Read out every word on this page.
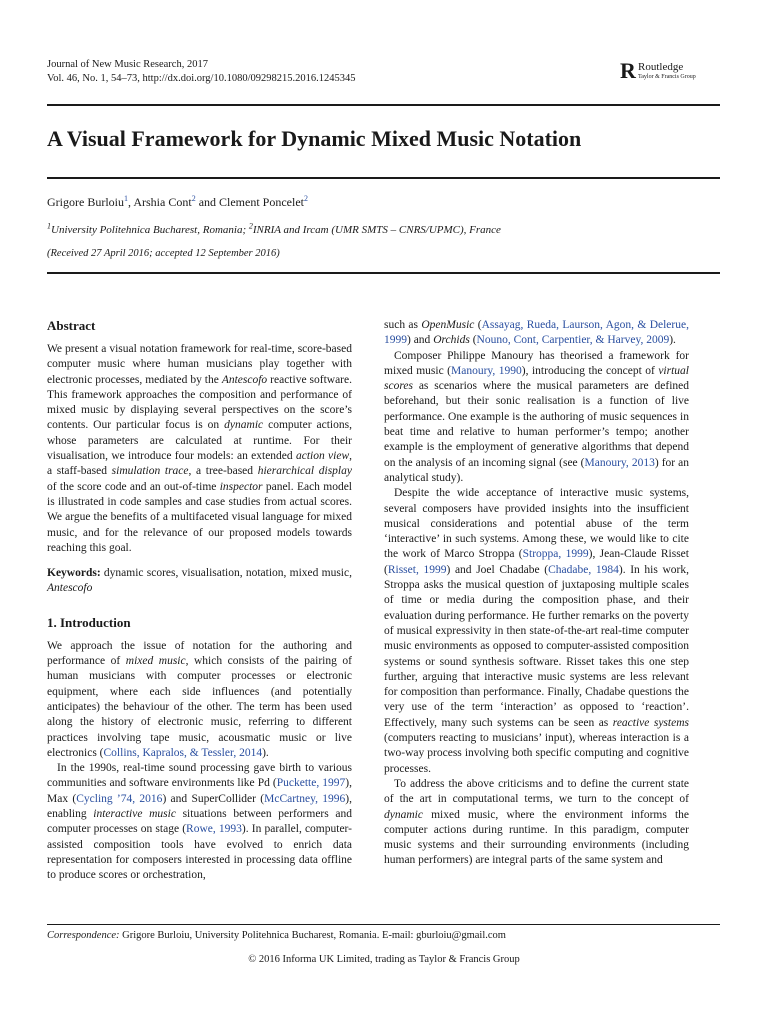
Journal of New Music Research, 2017
Vol. 46, No. 1, 54–73, http://dx.doi.org/10.1080/09298215.2016.1245345	R Routledge
Taylor & Francis Group
A Visual Framework for Dynamic Mixed Music Notation
Grigore Burloiu$^1$, Arshia Cont$^2$ and Clement Poncelet$^2$
$^1$University Politehnica Bucharest, Romania; $^2$INRIA and Ircam (UMR SMTS – CNRS/UPMC), France
(Received 27 April 2016; accepted 12 September 2016)
Abstract

We present a visual notation framework for real-time, score-based computer music where human musicians play together with electronic processes, mediated by the Antescofo reactive software. This framework approaches the composition and performance of mixed music by displaying several perspectives on the score’s contents. Our particular focus is on dynamic computer actions, whose parameters are calculated at runtime. For their visualisation, we introduce four models: an extended action view, a staff-based simulation trace, a tree-based hierarchical display of the score code and an out-of-time inspector panel. Each model is illustrated in code samples and case studies from actual scores. We argue the benefits of a multifaceted visual language for mixed music, and for the relevance of our proposed models towards reaching this goal.

Keywords: dynamic scores, visualisation, notation, mixed music, Antescofo

1. Introduction

We approach the issue of notation for the authoring and performance of mixed music, which consists of the pairing of human musicians with computer processes or electronic equipment, where each side influences (and potentially anticipates) the behaviour of the other. The term has been used along the history of electronic music, referring to different practices involving tape music, acousmatic music or live electronics (Collins, Kapralos, & Tessler, 2014).

In the 1990s, real-time sound processing gave birth to various communities and software environments like Pd (Puckette, 1997), Max (Cycling ’74, 2016) and SuperCollider (McCartney, 1996), enabling interactive music situations between performers and computer processes on stage (Rowe, 1993). In parallel, computer-assisted composition tools have evolved to enrich data representation for composers interested in processing data offline to produce scores or orchestration,

such as OpenMusic (Assayag, Rueda, Laurson, Agon, & Delerue, 1999) and Orchids (Nouno, Cont, Carpentier, & Harvey, 2009).

Composer Philippe Manoury has theorised a framework for mixed music (Manoury, 1990), introducing the concept of virtual scores as scenarios where the musical parameters are defined beforehand, but their sonic realisation is a function of live performance. One example is the authoring of music sequences in beat time and relative to human performer’s tempo; another example is the employment of generative algorithms that depend on the analysis of an incoming signal (see (Manoury, 2013) for an analytical study).

Despite the wide acceptance of interactive music systems, several composers have provided insights into the insufficient musical considerations and potential abuse of the term ‘interactive’ in such systems. Among these, we would like to cite the work of Marco Stroppa (Stroppa, 1999), Jean-Claude Risset (Risset, 1999) and Joel Chadabe (Chadabe, 1984). In his work, Stroppa asks the musical question of juxtaposing multiple scales of time or media during the composition phase, and their evaluation during performance. He further remarks on the poverty of musical expressivity in then state-of-the-art real-time computer music environments as opposed to computer-assisted composition systems or sound synthesis software. Risset takes this one step further, arguing that interactive music systems are less relevant for composition than performance. Finally, Chadabe questions the very use of the term ‘interaction’ as opposed to ‘reaction’. Effectively, many such systems can be seen as reactive systems (computers reacting to musicians’ input), whereas interaction is a two-way process involving both specific computing and cognitive processes.

To address the above criticisms and to define the current state of the art in computational terms, we turn to the concept of dynamic mixed music, where the environment informs the computer actions during runtime. In this paradigm, computer music systems and their surrounding environments (including human performers) are integral parts of the same system and

Correspondence: Grigore Burloiu, University Politehnica Bucharest, Romania. E-mail: gburloiu@gmail.com
© 2016 Informa UK Limited, trading as Taylor & Francis Group
